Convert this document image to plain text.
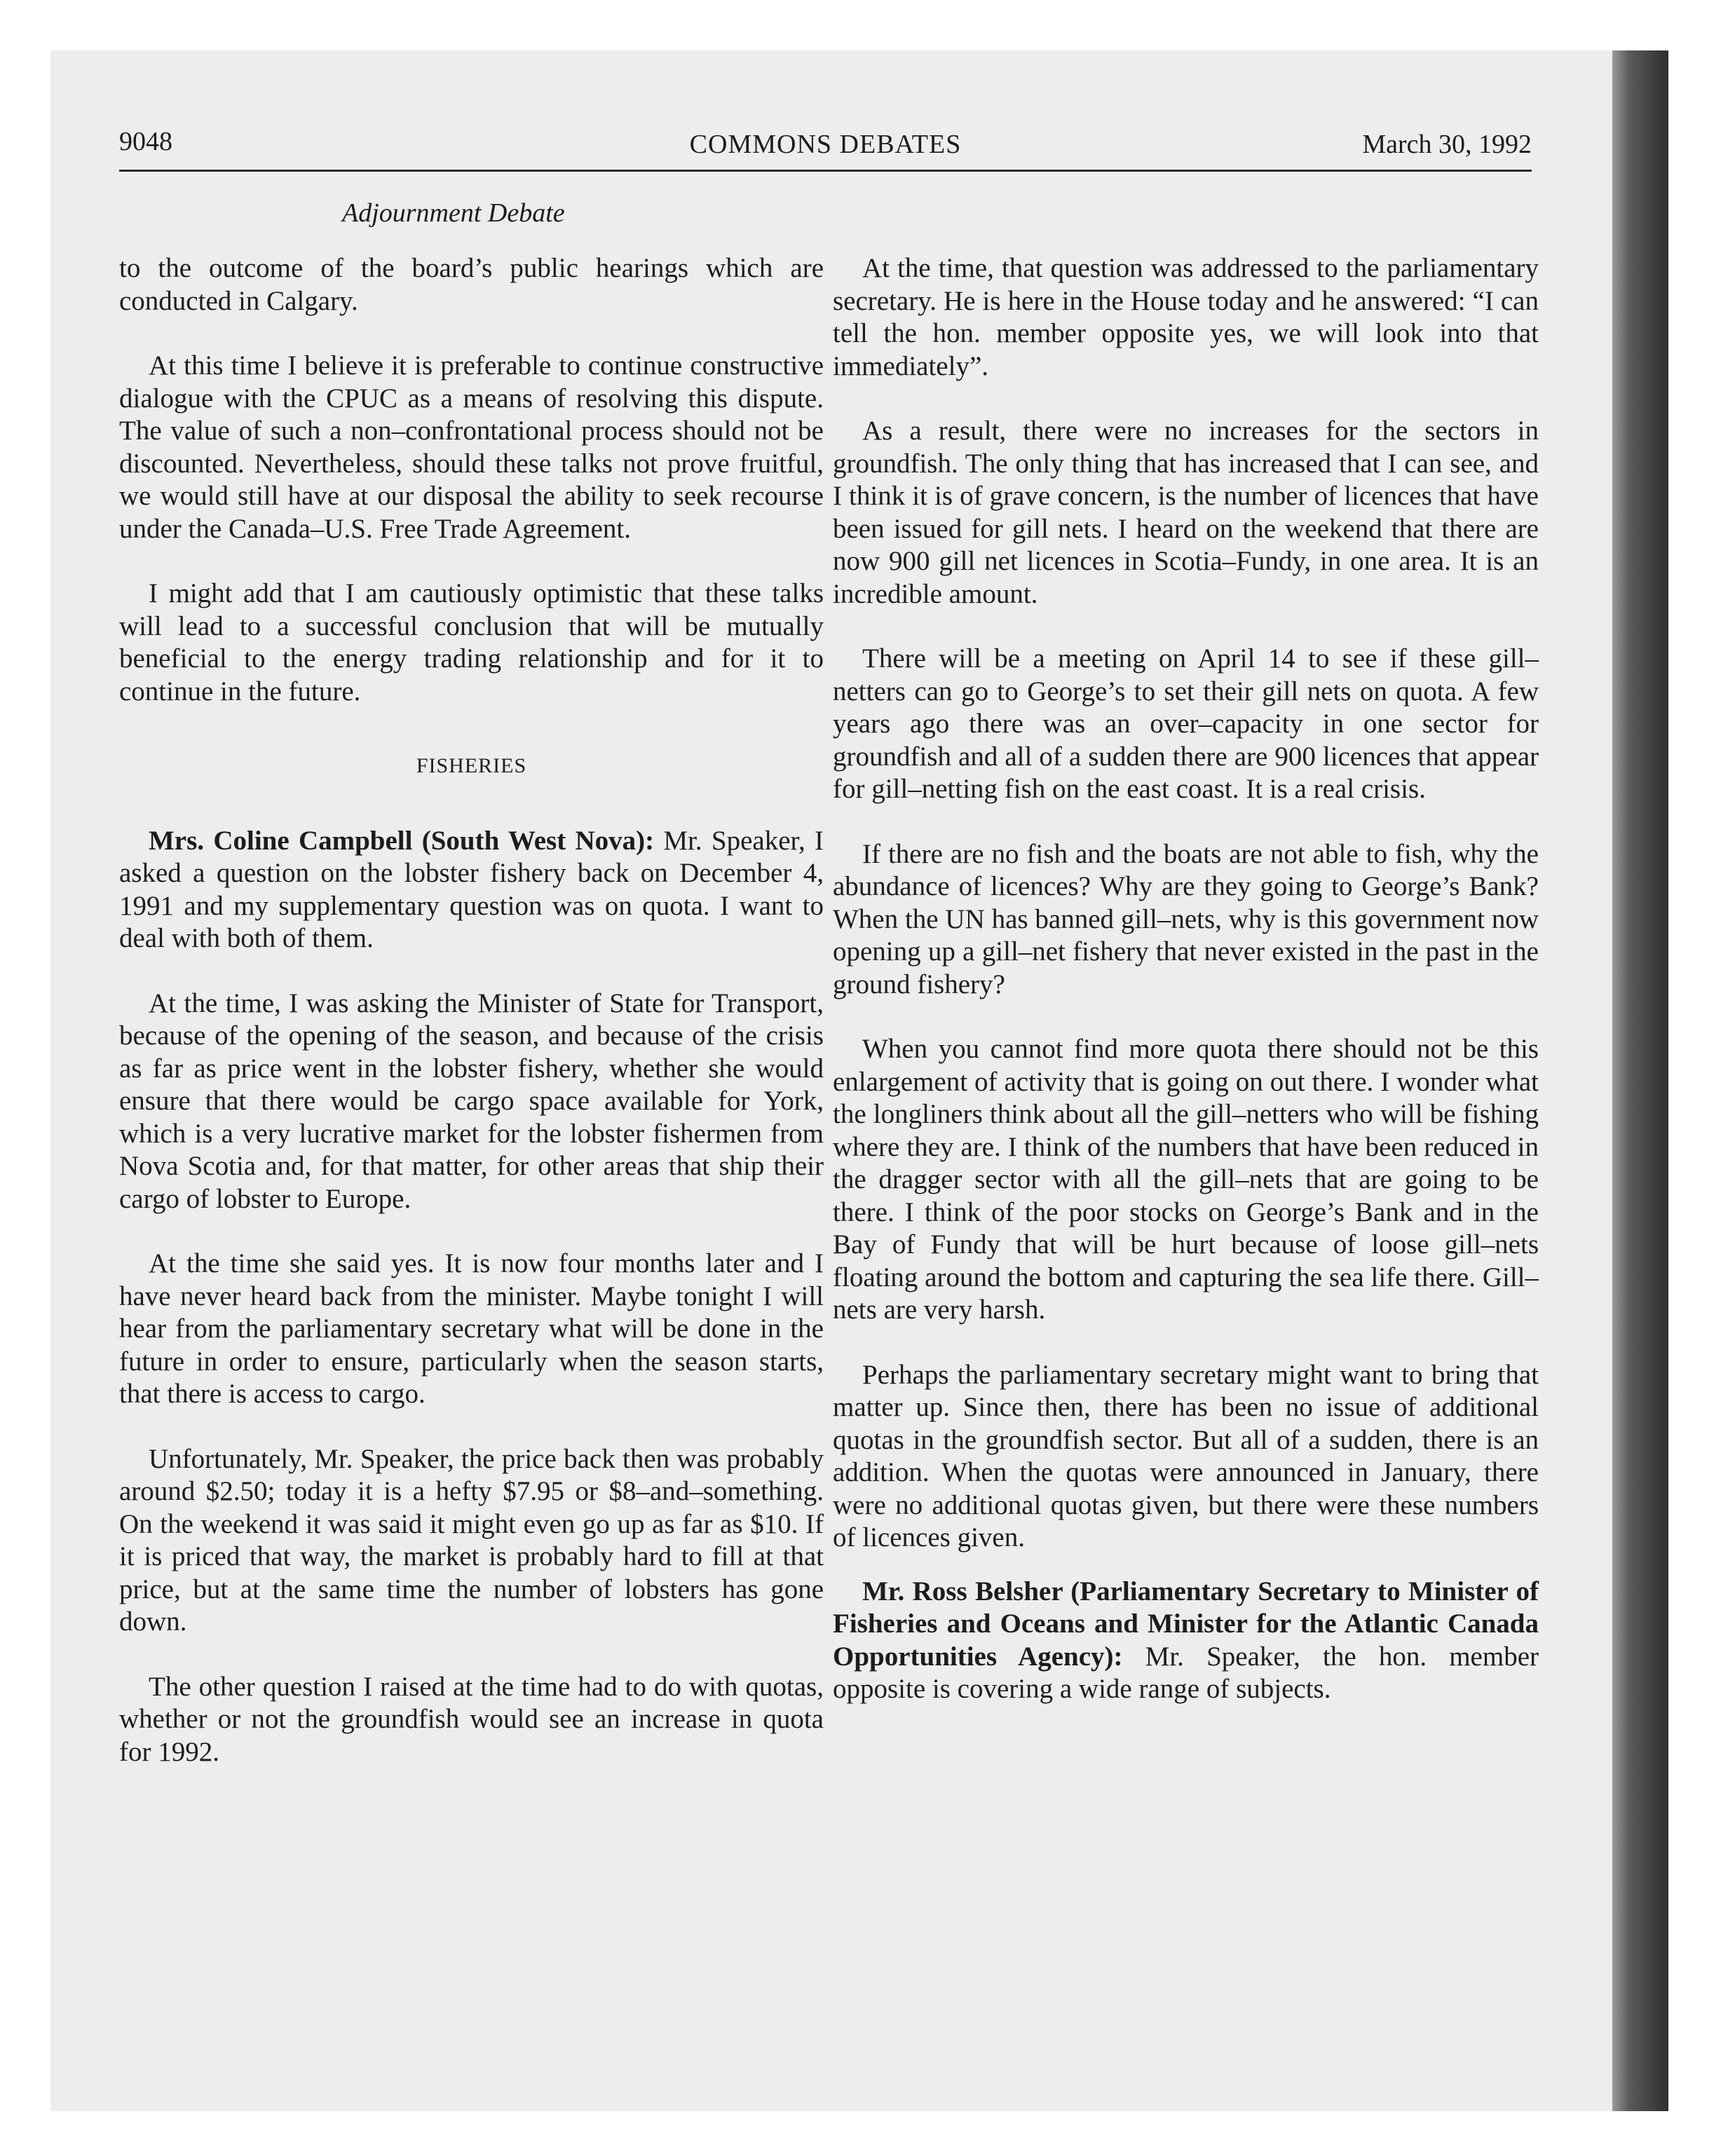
9048	COMMONS DEBATES	March 30, 1992
Adjournment Debate

to the outcome of the board’s public hearings which are conducted in Calgary.

At this time I believe it is preferable to continue constructive dialogue with the CPUC as a means of resolving this dispute. The value of such a non–confrontational process should not be discounted. Nevertheless, should these talks not prove fruitful, we would still have at our disposal the ability to seek recourse under the Canada–U.S. Free Trade Agreement.

I might add that I am cautiously optimistic that these talks will lead to a successful conclusion that will be mutually beneficial to the energy trading relationship and for it to continue in the future.

FISHERIES

Mrs. Coline Campbell (South West Nova): Mr. Speaker, I asked a question on the lobster fishery back on December 4, 1991 and my supplementary question was on quota. I want to deal with both of them.

At the time, I was asking the Minister of State for Transport, because of the opening of the season, and because of the crisis as far as price went in the lobster fishery, whether she would ensure that there would be cargo space available for York, which is a very lucrative market for the lobster fishermen from Nova Scotia and, for that matter, for other areas that ship their cargo of lobster to Europe.

At the time she said yes. It is now four months later and I have never heard back from the minister. Maybe tonight I will hear from the parliamentary secretary what will be done in the future in order to ensure, particularly when the season starts, that there is access to cargo.

Unfortunately, Mr. Speaker, the price back then was probably around $2.50; today it is a hefty $7.95 or $8–and–something. On the weekend it was said it might even go up as far as $10. If it is priced that way, the market is probably hard to fill at that price, but at the same time the number of lobsters has gone down.

The other question I raised at the time had to do with quotas, whether or not the groundfish would see an increase in quota for 1992.

At the time, that question was addressed to the parliamentary secretary. He is here in the House today and he answered: “I can tell the hon. member opposite yes, we will look into that immediately”.

As a result, there were no increases for the sectors in groundfish. The only thing that has increased that I can see, and I think it is of grave concern, is the number of licences that have been issued for gill nets. I heard on the weekend that there are now 900 gill net licences in Scotia–Fundy, in one area. It is an incredible amount.

There will be a meeting on April 14 to see if these gill–netters can go to George’s to set their gill nets on quota. A few years ago there was an over–capacity in one sector for groundfish and all of a sudden there are 900 licences that appear for gill–netting fish on the east coast. It is a real crisis.

If there are no fish and the boats are not able to fish, why the abundance of licences? Why are they going to George’s Bank? When the UN has banned gill–nets, why is this government now opening up a gill–net fishery that never existed in the past in the ground fishery?

When you cannot find more quota there should not be this enlargement of activity that is going on out there. I wonder what the longliners think about all the gill–netters who will be fishing where they are. I think of the numbers that have been reduced in the dragger sector with all the gill–nets that are going to be there. I think of the poor stocks on George’s Bank and in the Bay of Fundy that will be hurt because of loose gill–nets floating around the bottom and capturing the sea life there. Gill–nets are very harsh.

Perhaps the parliamentary secretary might want to bring that matter up. Since then, there has been no issue of additional quotas in the groundfish sector. But all of a sudden, there is an addition. When the quotas were announced in January, there were no additional quotas given, but there were these numbers of licences given.

Mr. Ross Belsher (Parliamentary Secretary to Minister of Fisheries and Oceans and Minister for the Atlantic Canada Opportunities Agency): Mr. Speaker, the hon. member opposite is covering a wide range of subjects.
